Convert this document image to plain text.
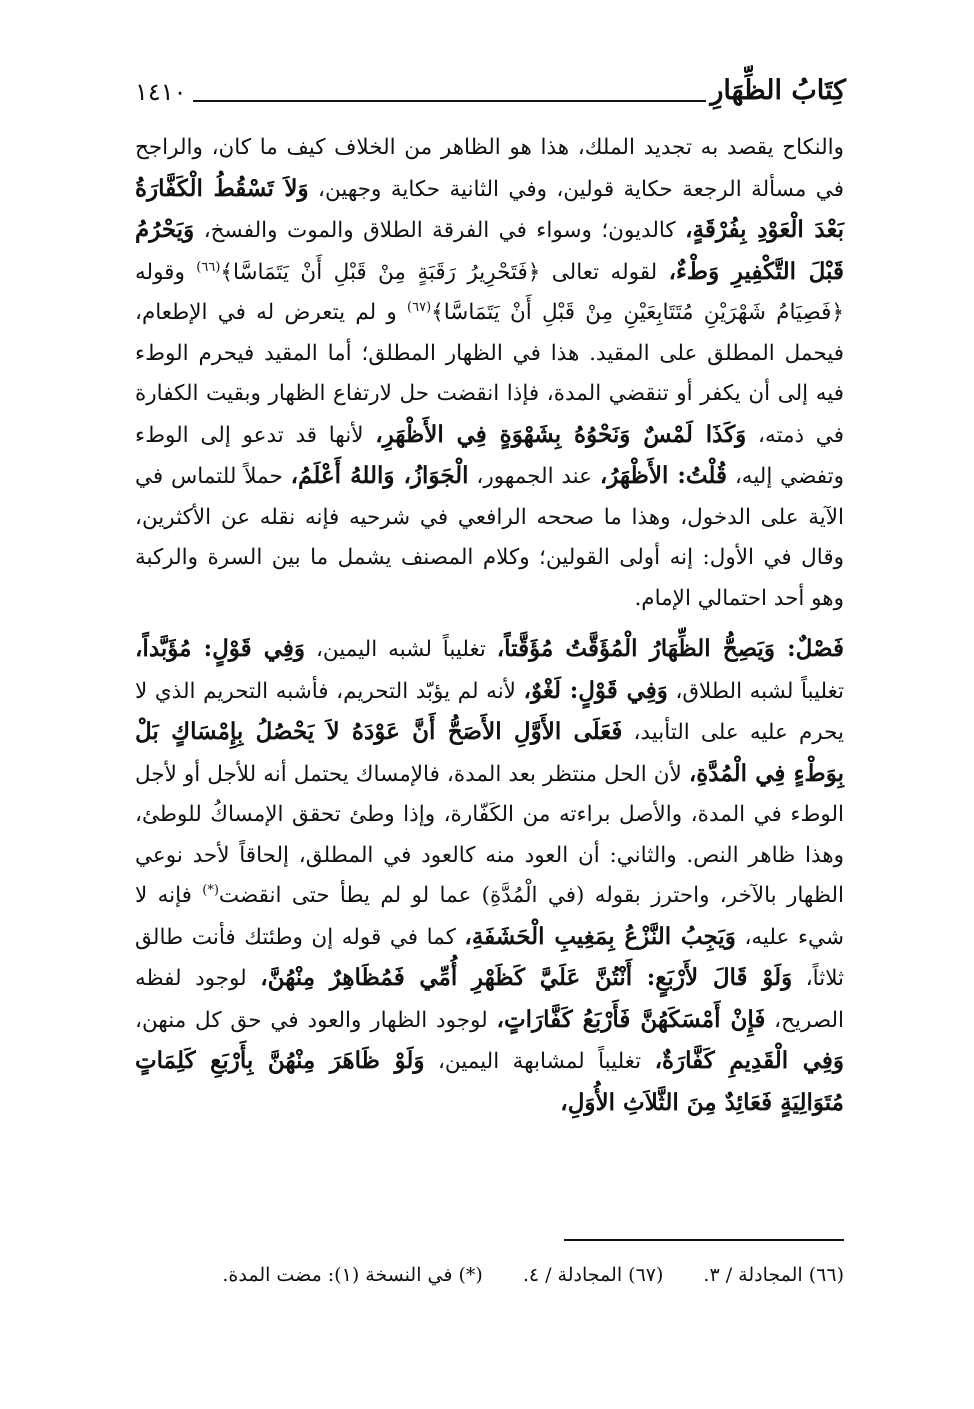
كِتَابُ الظِّهَارِ
١٤١٠

والنكاح يقصد به تجديد الملك، هذا هو الظاهر من الخلاف كيف ما كان، والراجح في مسألة الرجعة حكاية قولين، وفي الثانية حكاية وجهين، وَلاَ تَسْقُطُ الْكَفَّارَةُ بَعْدَ الْعَوْدِ بِفُرْقَةٍ، كالديون؛ وسواء في الفرقة الطلاق والموت والفسخ، وَيَحْرُمُ قَبْلَ التَّكْفِيرِ وَطْءٌ، لقوله تعالى ﴿فَتَحْرِيرُ رَقَبَةٍ مِنْ قَبْلِ أَنْ يَتَمَاسَّا﴾$^{(٦٦)}$ وقوله ﴿فَصِيَامُ شَهْرَيْنِ مُتَتَابِعَيْنِ مِنْ قَبْلِ أَنْ يَتَمَاسَّا﴾$^{(٦٧)}$ و لم يتعرض له في الإطعام، فيحمل المطلق على المقيد. هذا في الظهار المطلق؛ أما المقيد فيحرم الوطء فيه إلى أن يكفر أو تنقضي المدة، فإذا انقضت حل لارتفاع الظهار وبقيت الكفارة في ذمته، وَكَذَا لَمْسٌ وَنَحْوُهُ بِشَهْوَةٍ فِي الأَظْهَرِ، لأنها قد تدعو إلى الوطء وتفضي إليه، قُلْتُ: الأَظْهَرُ، عند الجمهور، الْجَوَازُ، وَاللهُ أَعْلَمُ، حملاً للتماس في الآية على الدخول، وهذا ما صححه الرافعي في شرحيه فإنه نقله عن الأكثرين، وقال في الأول: إنه أولى القولين؛ وكلام المصنف يشمل ما بين السرة والركبة وهو أحد احتمالي الإمام.

فَصْلٌ: وَيَصِحُّ الظِّهَارُ الْمُؤَقَّتُ مُؤَقَّتاً، تغليباً لشبه اليمين، وَفِي قَوْلٍ: مُؤَبَّداً، تغليباً لشبه الطلاق، وَفِي قَوْلٍ: لَغْوٌ، لأنه لم يؤبّد التحريم، فأشبه التحريم الذي لا يحرم عليه على التأبيد، فَعَلَى الأَوَّلِ الأَصَحُّ أَنَّ عَوْدَهُ لاَ يَحْصُلُ بِإِمْسَاكٍ بَلْ بِوَطْءٍ فِي الْمُدَّةِ، لأن الحل منتظر بعد المدة، فالإمساك يحتمل أنه للأجل أو لأجل الوطء في المدة، والأصل براءته من الكَفّارة، وإذا وطئ تحقق الإمساكُ للوطئ، وهذا ظاهر النص. والثاني: أن العود منه كالعود في المطلق، إلحاقاً لأحد نوعي الظهار بالآخر، واحترز بقوله (في الْمُدَّةِ) عما لو لم يطأ حتى انقضت(*) فإنه لا شيء عليه، وَيَجِبُ النَّزْعُ بِمَغِيبِ الْحَشَفَةِ، كما في قوله إن وطئتك فأنت طالق ثلاثاً، وَلَوْ قَالَ لأَرْبَعٍ: أَنْتُنَّ عَلَيَّ كَظَهْرِ أُمِّي فَمُظَاهِرٌ مِنْهُنَّ، لوجود لفظه الصريح، فَإِنْ أَمْسَكَهُنَّ فَأَرْبَعُ كَفَّارَاتٍ، لوجود الظهار والعود في حق كل منهن، وَفِي الْقَدِيمِ كَفَّارَةٌ، تغليباً لمشابهة اليمين، وَلَوْ ظَاهَرَ مِنْهُنَّ بِأَرْبَعِ كَلِمَاتٍ مُتَوَالِيَةٍ فَعَائِدٌ مِنَ الثَّلاَثِ الأُوَلِ،

(٦٦) المجادلة / ٣.
(٦٧) المجادلة / ٤.
(*) في النسخة (١): مضت المدة.
